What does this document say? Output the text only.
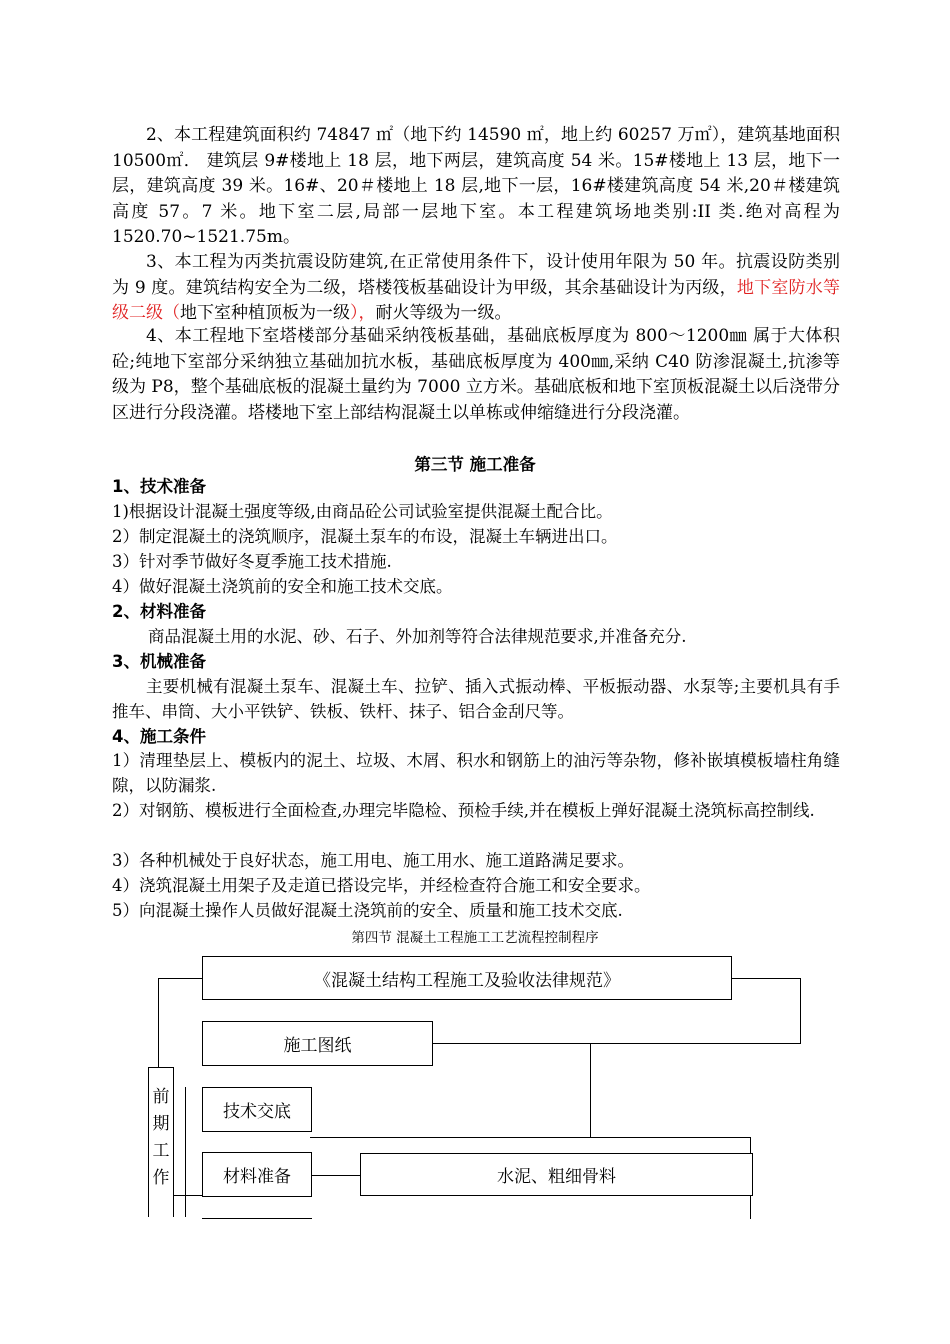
2、本工程建筑面积约 74847 ㎡（地下约 14590 ㎡，地上约 60257 万㎡），建筑基地面积 10500㎡． 建筑层 9#楼地上 18 层，地下两层，建筑高度 54 米。15#楼地上 13 层，地下一层，建筑高度 39 米。16#、20＃楼地上 18 层,地下一层，16#楼建筑高度 54 米,20＃楼建筑高度 57。7 米。地下室二层,局部一层地下室。本工程建筑场地类别:II 类.绝对高程为 1520.70~1521.75m。

3、本工程为丙类抗震设防建筑,在正常使用条件下，设计使用年限为 50 年。抗震设防类别为 9 度。建筑结构安全为二级，塔楼筏板基础设计为甲级，其余基础设计为丙级，地下室防水等级二级（地下室种植顶板为一级），耐火等级为一级。

4、本工程地下室塔楼部分基础采纳筏板基础，基础底板厚度为 800～1200㎜ 属于大体积砼;纯地下室部分采纳独立基础加抗水板，基础底板厚度为 400㎜,采纳 C40 防渗混凝土,抗渗等级为 P8，整个基础底板的混凝土量约为 7000 立方米。基础底板和地下室顶板混凝土以后浇带分区进行分段浇灌。塔楼地下室上部结构混凝土以单栋或伸缩缝进行分段浇灌。

第三节 施工准备

1、技术准备

1)根据设计混凝土强度等级,由商品砼公司试验室提供混凝土配合比。

2）制定混凝土的浇筑顺序，混凝土泵车的布设，混凝土车辆进出口。

3）针对季节做好冬夏季施工技术措施.

4）做好混凝土浇筑前的安全和施工技术交底。

2、材料准备

商品混凝土用的水泥、砂、石子、外加剂等符合法律规范要求,并准备充分.

3、机械准备

主要机械有混凝土泵车、混凝土车、拉铲、插入式振动棒、平板振动器、水泵等;主要机具有手推车、串筒、大小平铁铲、铁板、铁杆、抹子、铝合金刮尺等。

4、施工条件

1）清理垫层上、模板内的泥土、垃圾、木屑、积水和钢筋上的油污等杂物，修补嵌填模板墙柱角缝隙，以防漏浆.

2）对钢筋、模板进行全面检查,办理完毕隐检、预检手续,并在模板上弹好混凝土浇筑标高控制线.

3）各种机械处于良好状态，施工用电、施工用水、施工道路满足要求。

4）浇筑混凝土用架子及走道已搭设完毕，并经检查符合施工和安全要求。

5）向混凝土操作人员做好混凝土浇筑前的安全、质量和施工技术交底.

第四节 混凝土工程施工工艺流程控制程序

《混凝土结构工程施工及验收法律规范》
施工图纸
前期工作
技术交底
材料准备	水泥、粗细骨料
